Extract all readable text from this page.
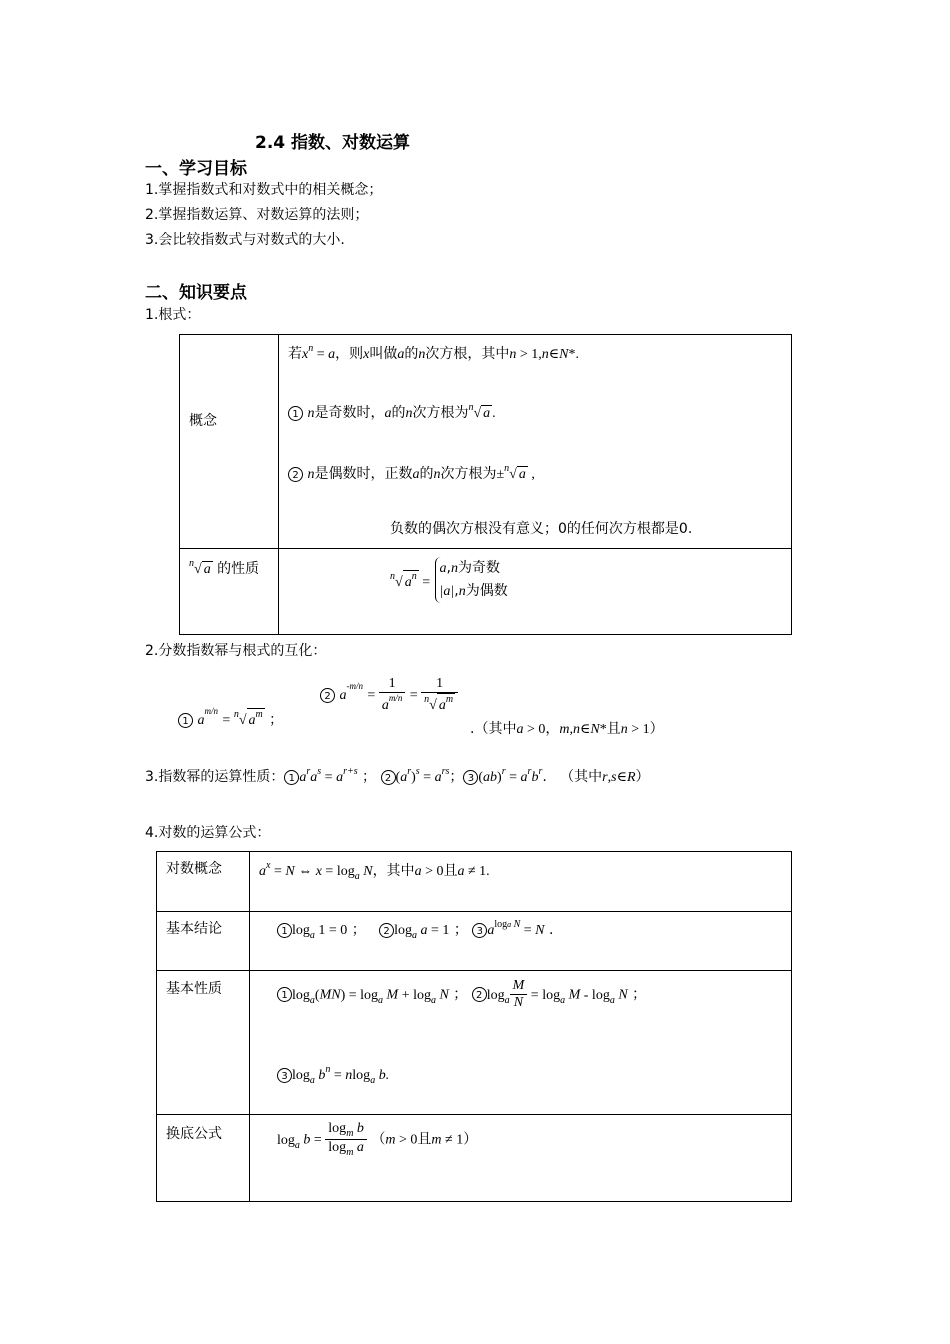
2.4 指数、对数运算
一、学习目标
1.掌握指数式和对数式中的相关概念；
2.掌握指数运算、对数运算的法则；
3.会比较指数式与对数式的大小.
二、知识要点
1.根式：
概念
若$x^n = a$，则x叫做a的n次方根，其中n > 1,n∈N*.
1 n是奇数时，a的n次方根为$^n$√ a .
2 n是偶数时，正数a的n次方根为±$^n$√ a ,
负数的偶次方根没有意义；0的任何次方根都是0.
$^n$√ a 的性质	$^n$√ $a^n$ =
a,n为奇数
|a|,n为偶数
2.分数指数幂与根式的互化：
1 $a^{m/n} = ^n√$ $a^m$ ；
2 $a^{-m/n} = \frac{1}{a^{m/n}} = \frac{1}{^n√ a^m}$
.（其中a > 0，m,n∈N*且n > 1）
3.指数幂的运算性质： 1 $a^ra^s = a^{r+s}$ ； 2 $(a^r)^s = a^{rs}$； 3 $(ab)^r = a^rb^r$.   （其中r,s∈R）
4.对数的运算公式：
对数概念
基本结论
基本性质
换底公式
$a^x = N$ ⇔ $x = \log_a N$，其中a > 0且a ≠ 1.
1 $\log_a 1 = 0$ ；   2 $\log_a a = 1$ ； 3 $a^{loga N} = N$ .
1 $\log_a(MN) = \log_a M + \log_a N$ ； 2 $\log_a \frac{M}{N} = \log_a M - \log_a N$ ；
3 $\log_a b^n = nlog_a$ b.
$\log_a b = \frac{\log_m b}{\log_m a} (m > 0$且m ≠ 1）
